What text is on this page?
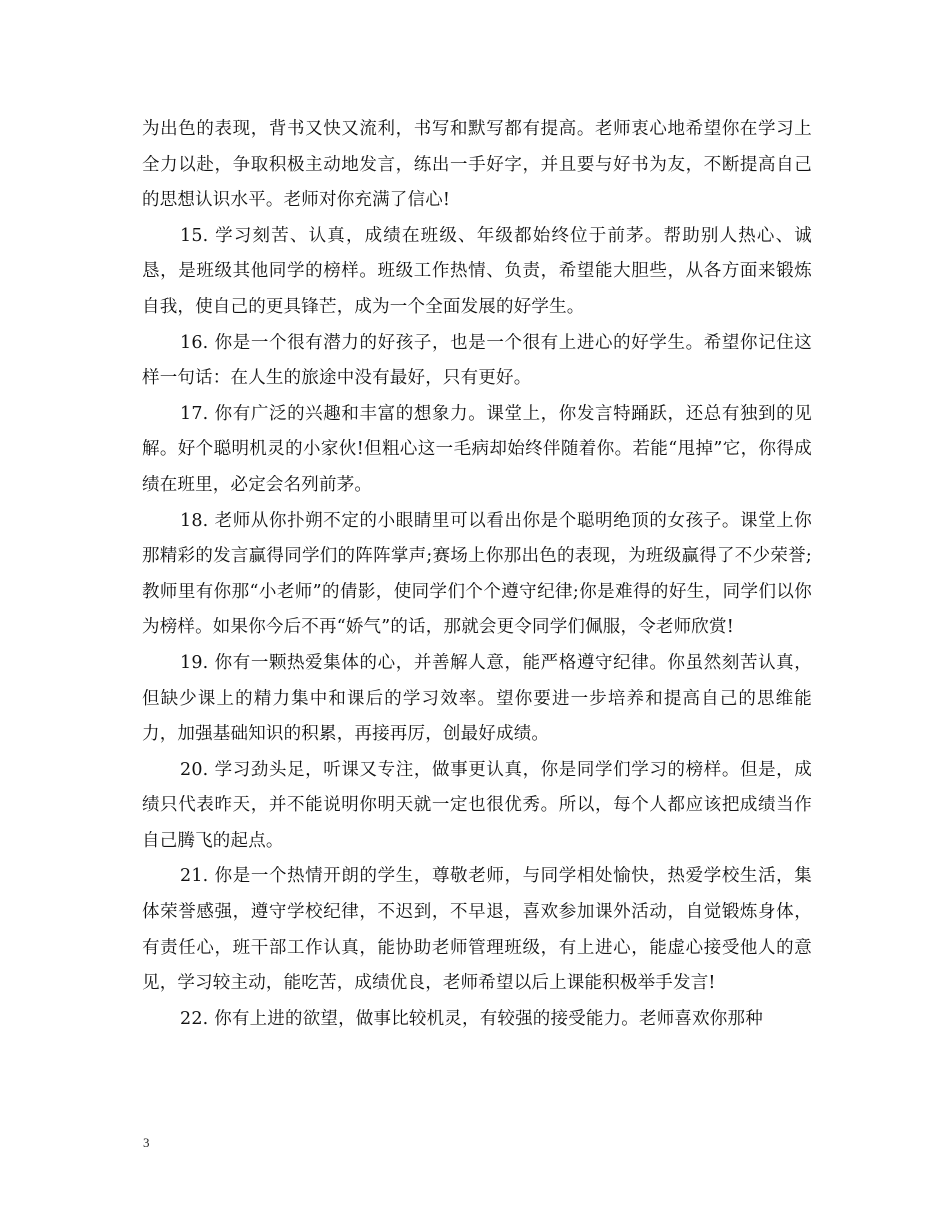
为出色的表现，背书又快又流利，书写和默写都有提高。老师衷心地希望你在学习上全力以赴，争取积极主动地发言，练出一手好字，并且要与好书为友，不断提高自己的思想认识水平。老师对你充满了信心!

15. 学习刻苦、认真，成绩在班级、年级都始终位于前茅。帮助别人热心、诚恳，是班级其他同学的榜样。班级工作热情、负责，希望能大胆些，从各方面来锻炼自我，使自己的更具锋芒，成为一个全面发展的好学生。

16. 你是一个很有潜力的好孩子，也是一个很有上进心的好学生。希望你记住这样一句话：在人生的旅途中没有最好，只有更好。

17. 你有广泛的兴趣和丰富的想象力。课堂上，你发言特踊跃，还总有独到的见解。好个聪明机灵的小家伙!但粗心这一毛病却始终伴随着你。若能“甩掉”它，你得成绩在班里，必定会名列前茅。

18. 老师从你扑朔不定的小眼睛里可以看出你是个聪明绝顶的女孩子。课堂上你那精彩的发言赢得同学们的阵阵掌声;赛场上你那出色的表现，为班级赢得了不少荣誉;教师里有你那“小老师”的倩影，使同学们个个遵守纪律;你是难得的好生，同学们以你为榜样。如果你今后不再“娇气”的话，那就会更令同学们佩服，令老师欣赏!

19. 你有一颗热爱集体的心，并善解人意，能严格遵守纪律。你虽然刻苦认真，但缺少课上的精力集中和课后的学习效率。望你要进一步培养和提高自己的思维能力，加强基础知识的积累，再接再厉，创最好成绩。

20. 学习劲头足，听课又专注，做事更认真，你是同学们学习的榜样。但是，成绩只代表昨天，并不能说明你明天就一定也很优秀。所以，每个人都应该把成绩当作自己腾飞的起点。

21. 你是一个热情开朗的学生，尊敬老师，与同学相处愉快，热爱学校生活，集体荣誉感强，遵守学校纪律，不迟到，不早退，喜欢参加课外活动，自觉锻炼身体，有责任心，班干部工作认真，能协助老师管理班级，有上进心，能虚心接受他人的意见，学习较主动，能吃苦，成绩优良，老师希望以后上课能积极举手发言!

22. 你有上进的欲望，做事比较机灵，有较强的接受能力。老师喜欢你那种

3
